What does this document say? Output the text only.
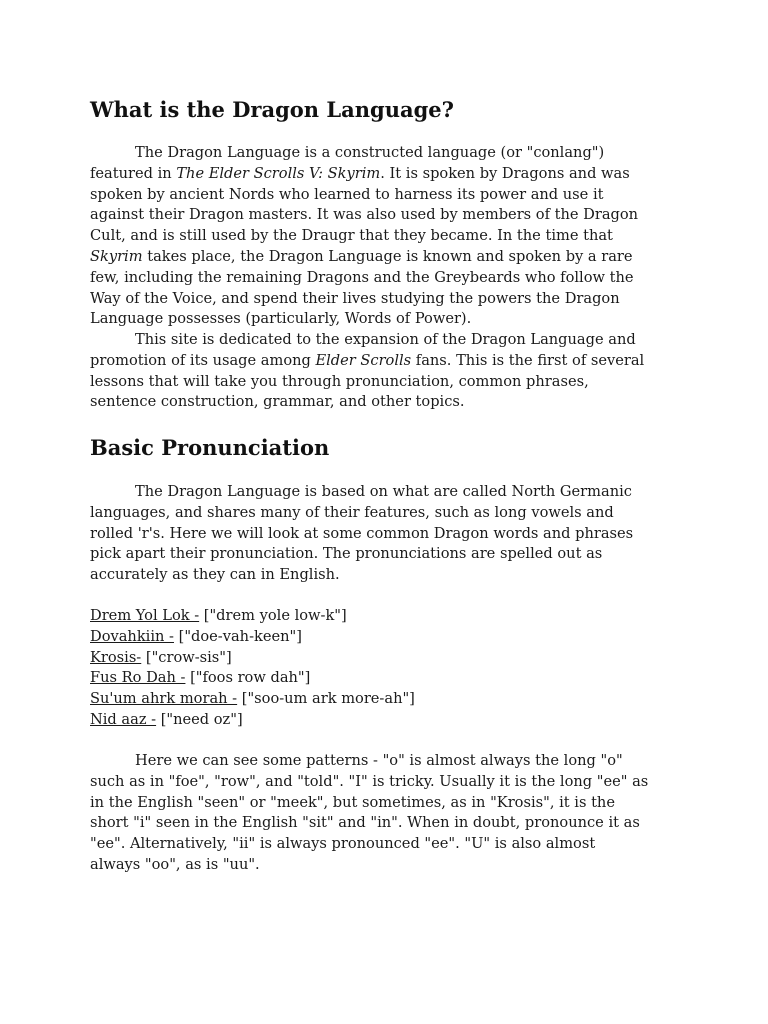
What is the Dragon Language?

The Dragon Language is a constructed language (or "conlang") featured in The Elder Scrolls V: Skyrim. It is spoken by Dragons and was spoken by ancient Nords who learned to harness its power and use it against their Dragon masters. It was also used by members of the Dragon Cult, and is still used by the Draugr that they became. In the time that Skyrim takes place, the Dragon Language is known and spoken by a rare few, including the remaining Dragons and the Greybeards who follow the Way of the Voice, and spend their lives studying the powers the Dragon Language possesses (particularly, Words of Power).

This site is dedicated to the expansion of the Dragon Language and promotion of its usage among Elder Scrolls fans. This is the first of several lessons that will take you through pronunciation, common phrases, sentence construction, grammar, and other topics.

Basic Pronunciation

The Dragon Language is based on what are called North Germanic languages, and shares many of their features, such as long vowels and rolled 'r's. Here we will look at some common Dragon words and phrases pick apart their pronunciation. The pronunciations are spelled out as accurately as they can in English.

Drem Yol Lok - ["drem yole low-k"]
Dovahkiin - ["doe-vah-keen"]
Krosis- ["crow-sis"]
Fus Ro Dah - ["foos row dah"]
Su'um ahrk morah - ["soo-um ark more-ah"]
Nid aaz - ["need oz"]

Here we can see some patterns - "o" is almost always the long "o" such as in "foe", "row", and "told". "I" is tricky. Usually it is the long "ee" as in the English "seen" or "meek", but sometimes, as in "Krosis", it is the short "i" seen in the English "sit" and "in". When in doubt, pronounce it as "ee". Alternatively, "ii" is always pronounced "ee". "U" is also almost always "oo", as is "uu".
